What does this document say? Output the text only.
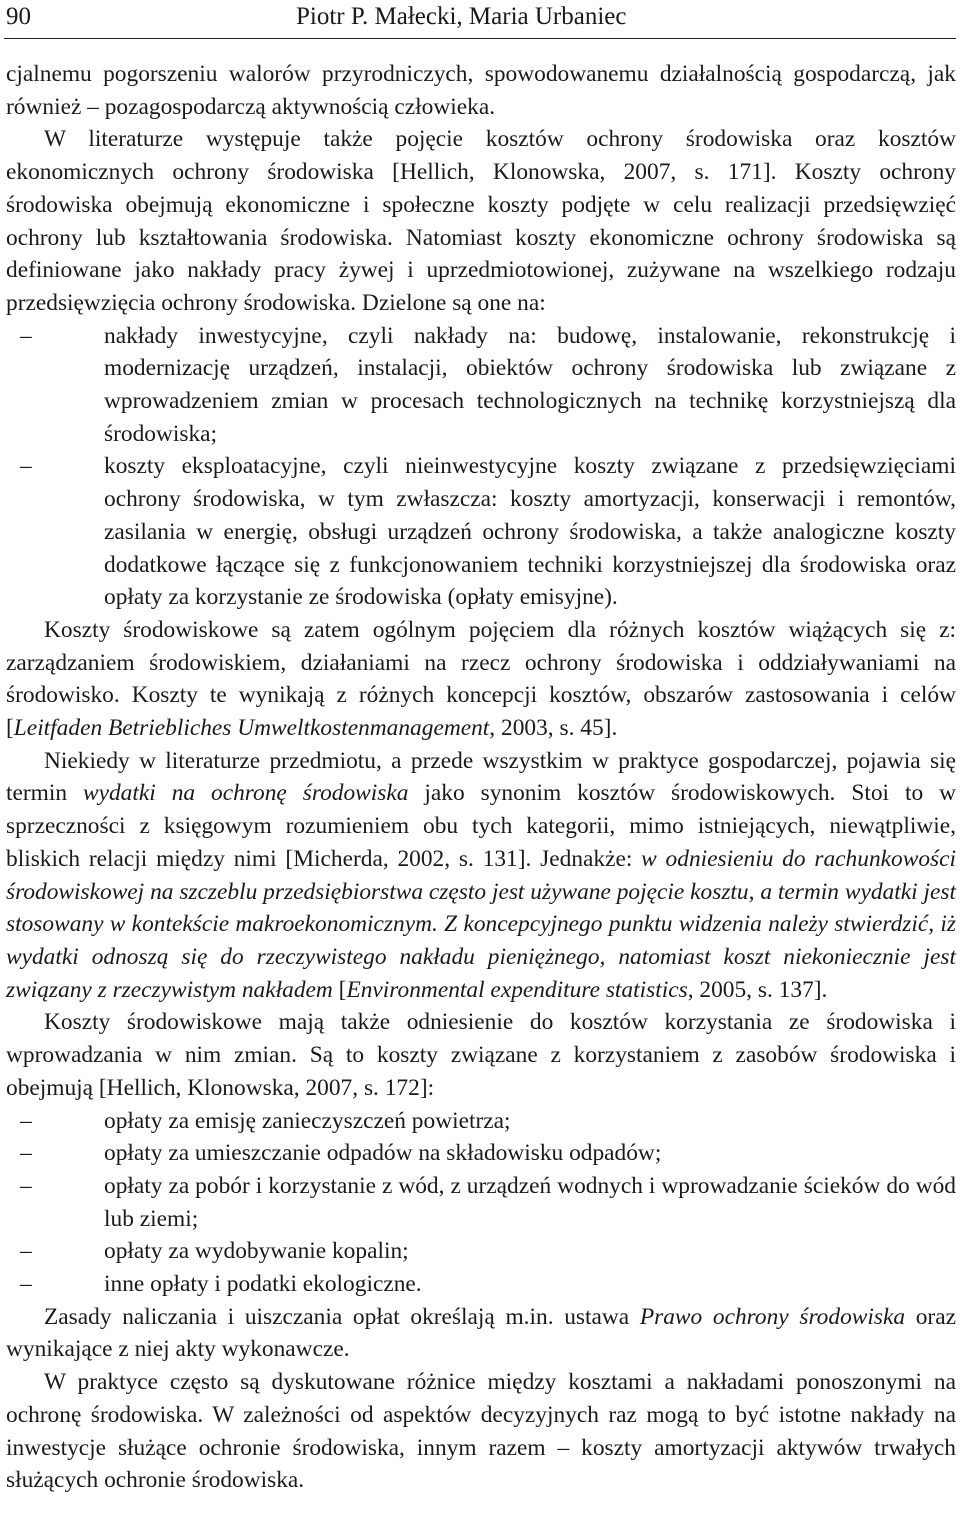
90	Piotr P. Małecki, Maria Urbaniec

cjalnemu pogorszeniu walorów przyrodniczych, spowodowanemu działalnością gospodarczą, jak również – pozagospodarczą aktywnością człowieka.

W literaturze występuje także pojęcie kosztów ochrony środowiska oraz kosztów ekonomicznych ochrony środowiska [Hellich, Klonowska, 2007, s. 171]. Koszty ochrony środowiska obejmują ekonomiczne i społeczne koszty podjęte w celu realizacji przedsięwzięć ochrony lub kształtowania środowiska. Natomiast koszty ekonomiczne ochrony środowiska są definiowane jako nakłady pracy żywej i uprzedmiotowionej, zużywane na wszelkiego rodzaju przedsięwzięcia ochrony środowiska. Dzielone są one na:

–	nakłady inwestycyjne, czyli nakłady na: budowę, instalowanie, rekonstrukcję i modernizację urządzeń, instalacji, obiektów ochrony środowiska lub związane z wprowadzeniem zmian w procesach technologicznych na technikę korzystniejszą dla środowiska;
–	koszty eksploatacyjne, czyli nieinwestycyjne koszty związane z przedsięwzięciami ochrony środowiska, w tym zwłaszcza: koszty amortyzacji, konserwacji i remontów, zasilania w energię, obsługi urządzeń ochrony środowiska, a także analogiczne koszty dodatkowe łączące się z funkcjonowaniem techniki korzystniejszej dla środowiska oraz opłaty za korzystanie ze środowiska (opłaty emisyjne).

Koszty środowiskowe są zatem ogólnym pojęciem dla różnych kosztów wiążących się z: zarządzaniem środowiskiem, działaniami na rzecz ochrony środowiska i oddziaływaniami na środowisko. Koszty te wynikają z różnych koncepcji kosztów, obszarów zastosowania i celów [Leitfaden Betriebliches Umweltkostenmanagement, 2003, s. 45].

Niekiedy w literaturze przedmiotu, a przede wszystkim w praktyce gospodarczej, pojawia się termin wydatki na ochronę środowiska jako synonim kosztów środowiskowych. Stoi to w sprzeczności z księgowym rozumieniem obu tych kategorii, mimo istniejących, niewątpliwie, bliskich relacji między nimi [Micherda, 2002, s. 131]. Jednakże: w odniesieniu do rachunkowości środowiskowej na szczeblu przedsiębiorstwa często jest używane pojęcie kosztu, a termin wydatki jest stosowany w kontekście makroekonomicznym. Z koncepcyjnego punktu widzenia należy stwierdzić, iż wydatki odnoszą się do rzeczywistego nakładu pieniężnego, natomiast koszt niekoniecznie jest związany z rzeczywistym nakładem [Environmental expenditure statistics, 2005, s. 137].

Koszty środowiskowe mają także odniesienie do kosztów korzystania ze środowiska i wprowadzania w nim zmian. Są to koszty związane z korzystaniem z zasobów środowiska i obejmują [Hellich, Klonowska, 2007, s. 172]:

–	opłaty za emisję zanieczyszczeń powietrza;
–	opłaty za umieszczanie odpadów na składowisku odpadów;
–	opłaty za pobór i korzystanie z wód, z urządzeń wodnych i wprowadzanie ścieków do wód lub ziemi;
–	opłaty za wydobywanie kopalin;
–	inne opłaty i podatki ekologiczne.

Zasady naliczania i uiszczania opłat określają m.in. ustawa Prawo ochrony środowiska oraz wynikające z niej akty wykonawcze.

W praktyce często są dyskutowane różnice między kosztami a nakładami ponoszonymi na ochronę środowiska. W zależności od aspektów decyzyjnych raz mogą to być istotne nakłady na inwestycje służące ochronie środowiska, innym razem – koszty amortyzacji aktywów trwałych służących ochronie środowiska.
